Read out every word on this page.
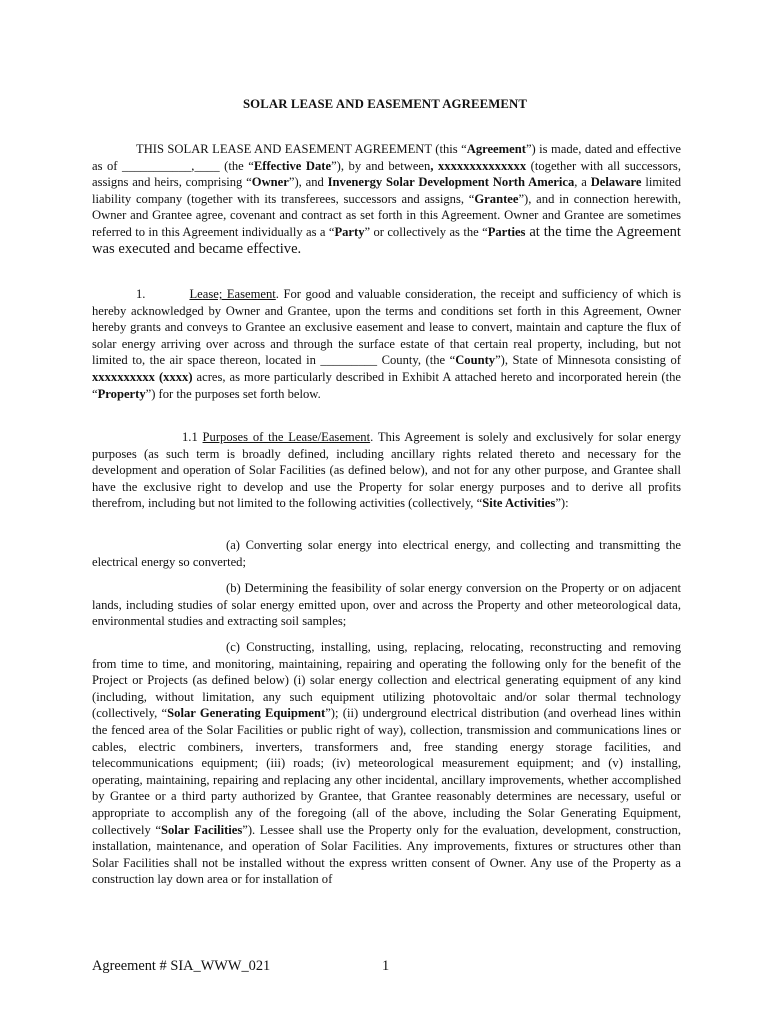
SOLAR LEASE AND EASEMENT AGREEMENT

THIS SOLAR LEASE AND EASEMENT AGREEMENT (this “Agreement”) is made, dated and effective as of ___________,____ (the “Effective Date”), by and between, xxxxxxxxxxxxxx (together with all successors, assigns and heirs, comprising “Owner”), and Invenergy Solar Development North America, a Delaware limited liability company (together with its transferees, successors and assigns, “Grantee”), and in connection herewith, Owner and Grantee agree, covenant and contract as set forth in this Agreement. Owner and Grantee are sometimes referred to in this Agreement individually as a “Party” or collectively as the “Parties at the time the Agreement was executed and became effective.

1.	Lease; Easement. For good and valuable consideration, the receipt and sufficiency of which is hereby acknowledged by Owner and Grantee, upon the terms and conditions set forth in this Agreement, Owner hereby grants and conveys to Grantee an exclusive easement and lease to convert, maintain and capture the flux of solar energy arriving over across and through the surface estate of that certain real property, including, but not limited to, the air space thereon, located in _________ County, (the “County”), State of Minnesota consisting of xxxxxxxxxx (xxxx) acres, as more particularly described in Exhibit A attached hereto and incorporated herein (the “Property”) for the purposes set forth below.

1.1 Purposes of the Lease/Easement. This Agreement is solely and exclusively for solar energy purposes (as such term is broadly defined, including ancillary rights related thereto and necessary for the development and operation of Solar Facilities (as defined below), and not for any other purpose, and Grantee shall have the exclusive right to develop and use the Property for solar energy purposes and to derive all profits therefrom, including but not limited to the following activities (collectively, “Site Activities”):

(a) Converting solar energy into electrical energy, and collecting and transmitting the electrical energy so converted;

(b) Determining the feasibility of solar energy conversion on the Property or on adjacent lands, including studies of solar energy emitted upon, over and across the Property and other meteorological data, environmental studies and extracting soil samples;

(c) Constructing, installing, using, replacing, relocating, reconstructing and removing from time to time, and monitoring, maintaining, repairing and operating the following only for the benefit of the Project or Projects (as defined below) (i) solar energy collection and electrical generating equipment of any kind (including, without limitation, any such equipment utilizing photovoltaic and/or solar thermal technology (collectively, “Solar Generating Equipment”); (ii) underground electrical distribution (and overhead lines within the fenced area of the Solar Facilities or public right of way), collection, transmission and communications lines or cables, electric combiners, inverters, transformers and, free standing energy storage facilities, and telecommunications equipment; (iii) roads; (iv) meteorological measurement equipment; and (v) installing, operating, maintaining, repairing and replacing any other incidental, ancillary improvements, whether accomplished by Grantee or a third party authorized by Grantee, that Grantee reasonably determines are necessary, useful or appropriate to accomplish any of the foregoing (all of the above, including the Solar Generating Equipment, collectively “Solar Facilities”). Lessee shall use the Property only for the evaluation, development, construction, installation, maintenance, and operation of Solar Facilities. Any improvements, fixtures or structures other than Solar Facilities shall not be installed without the express written consent of Owner. Any use of the Property as a construction lay down area or for installation of

Agreement # SIA_WWW_021	1
